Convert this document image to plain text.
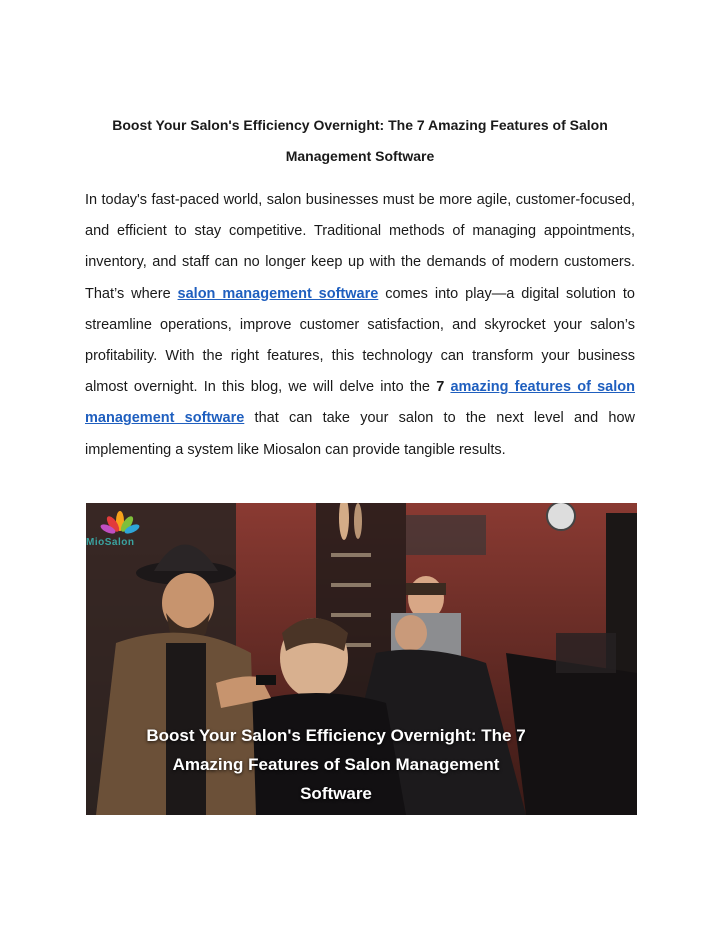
Boost Your Salon's Efficiency Overnight: The 7 Amazing Features of Salon
Management Software
In today's fast-paced world, salon businesses must be more agile, customer-focused, and efficient to stay competitive. Traditional methods of managing appointments, inventory, and staff can no longer keep up with the demands of modern customers. That’s where salon management software comes into play—a digital solution to streamline operations, improve customer satisfaction, and skyrocket your salon’s profitability. With the right features, this technology can transform your business almost overnight. In this blog, we will delve into the 7 amazing features of salon management software that can take your salon to the next level and how implementing a system like Miosalon can provide tangible results.
MioSalon
Boost Your Salon's Efficiency Overnight: The 7
Amazing Features of Salon Management
Software
